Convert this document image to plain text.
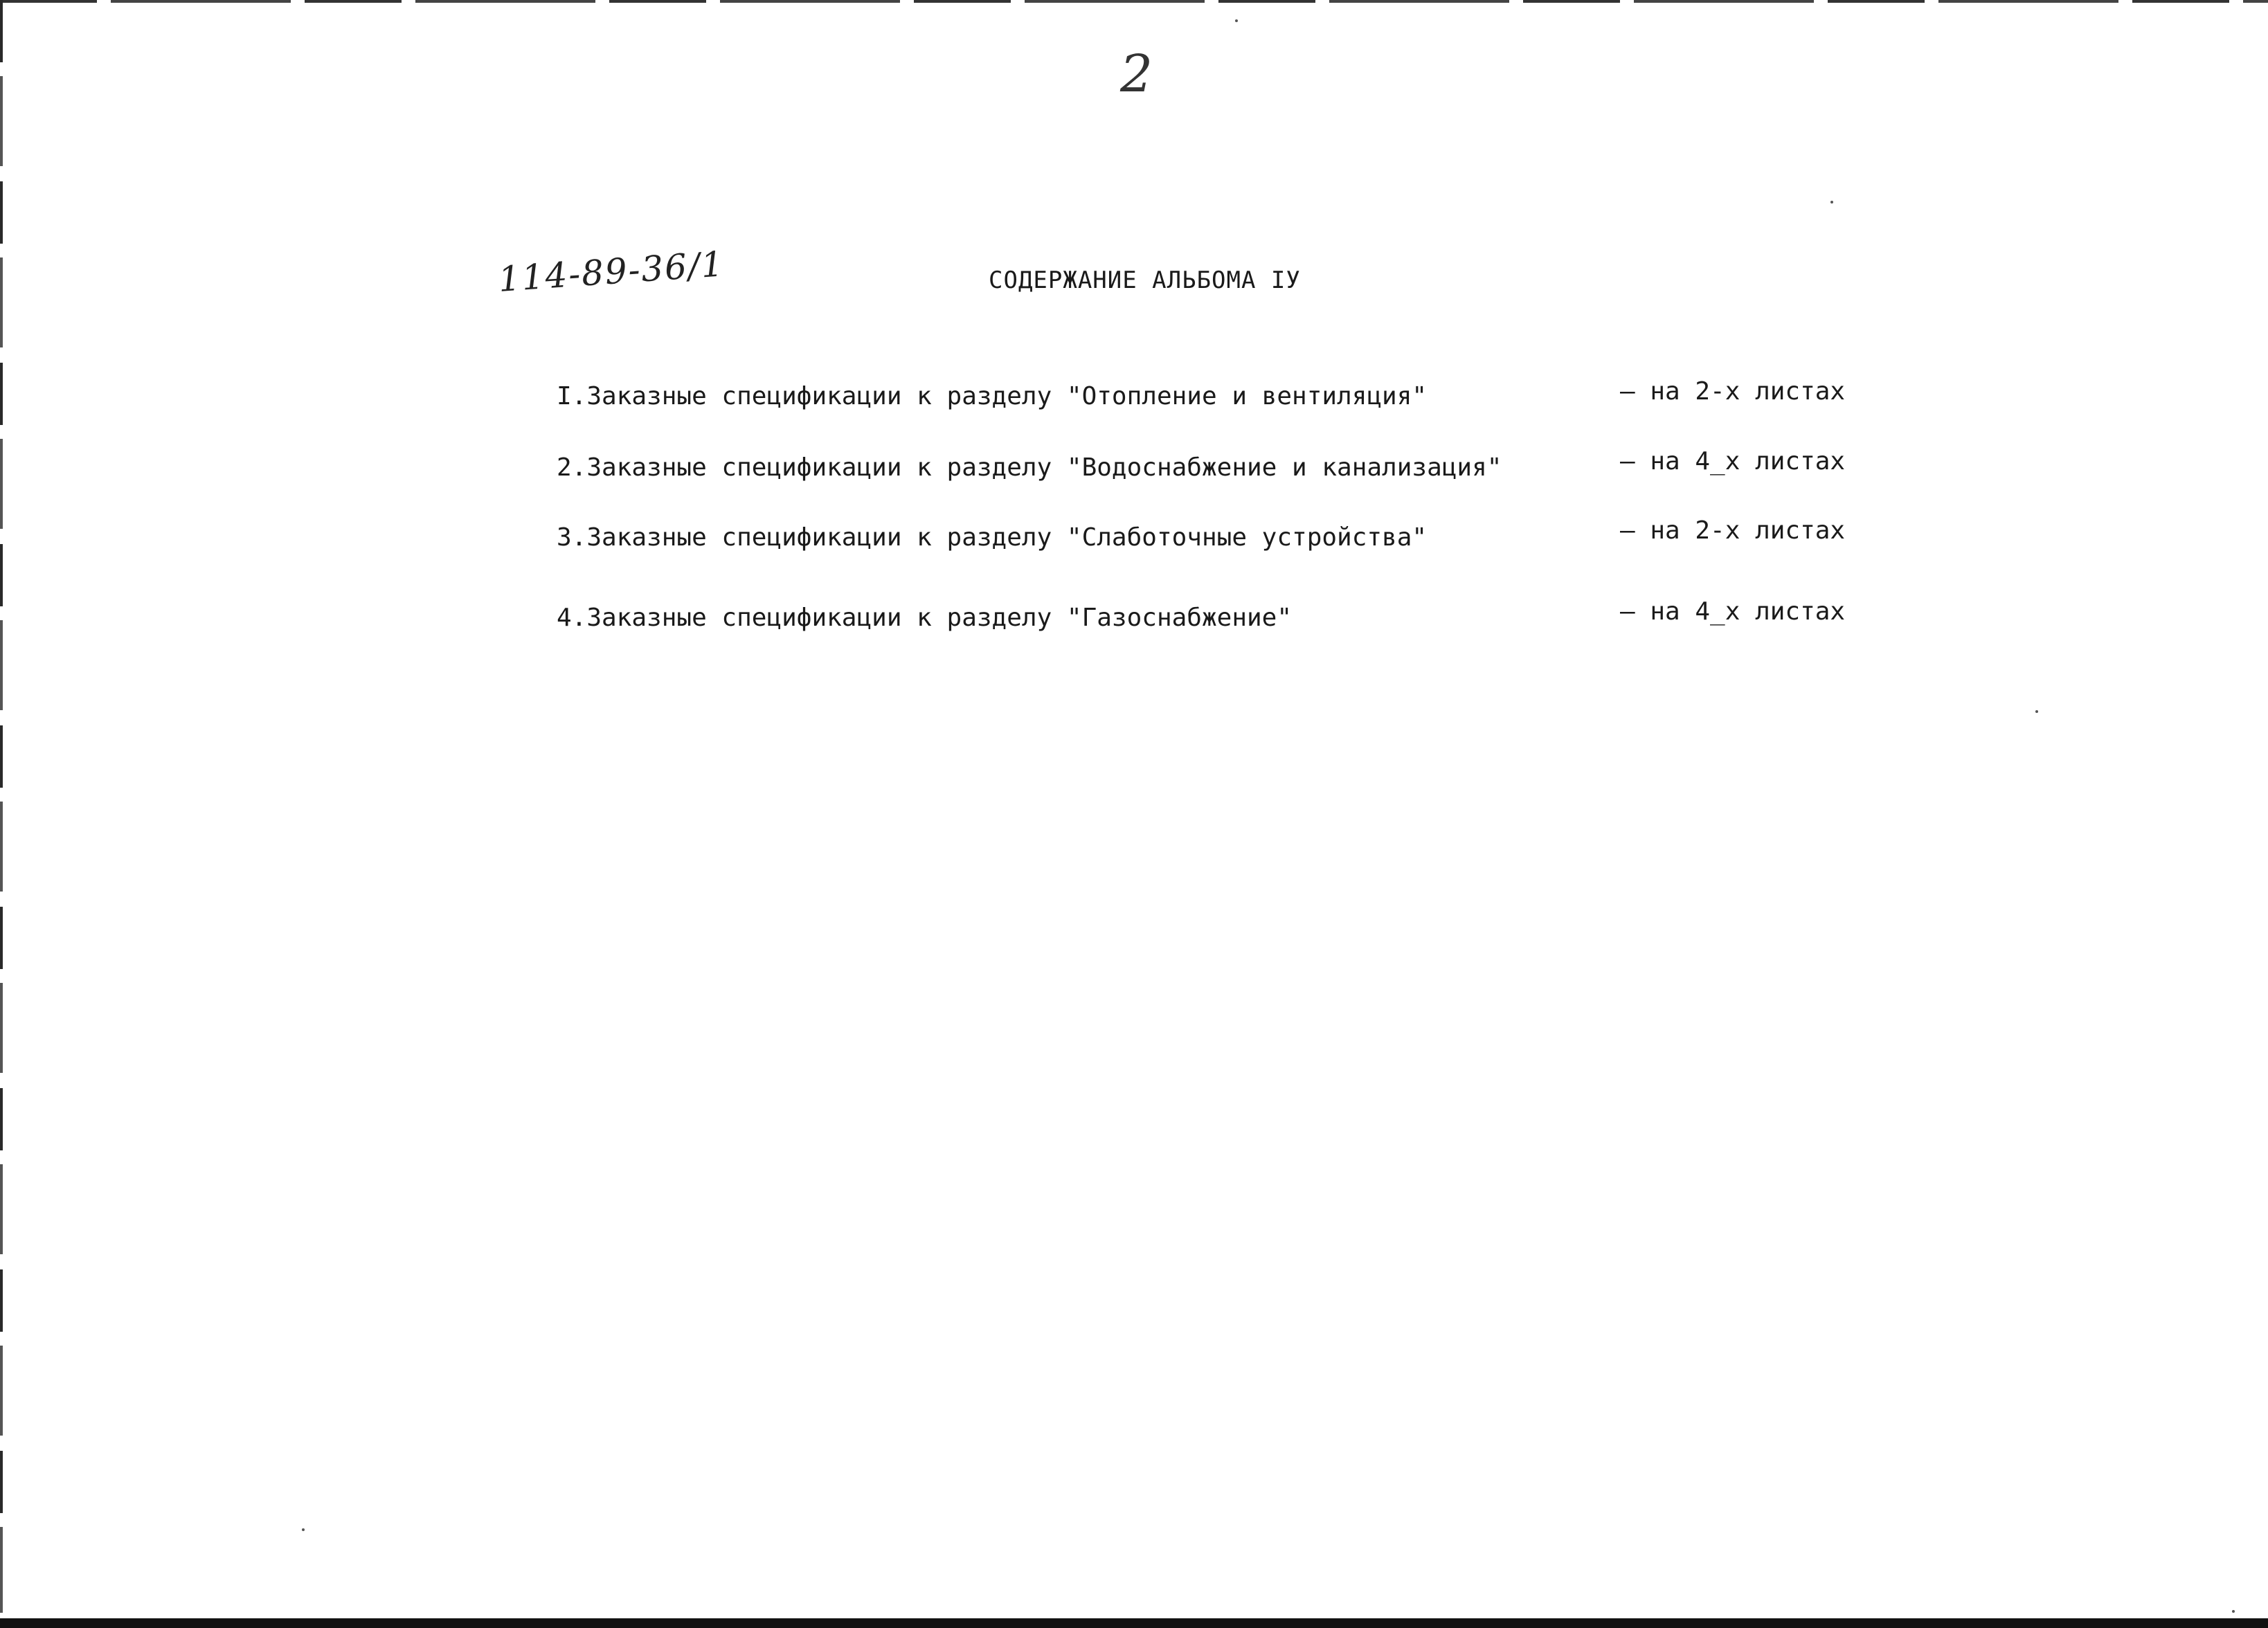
2
114-89-36/1	СОДЕРЖАНИЕ АЛЬБОМА IУ
I.Заказные спецификации к разделу "Отопление и вентиляция"	– на 2-х листах
2.Заказные спецификации к разделу "Водоснабжение и канализация"	– на 4_х листах
3.Заказные спецификации к разделу "Слаботочные устройства"	– на 2-х листах
4.Заказные спецификации к разделу "Газоснабжение"	– на 4_х листах
